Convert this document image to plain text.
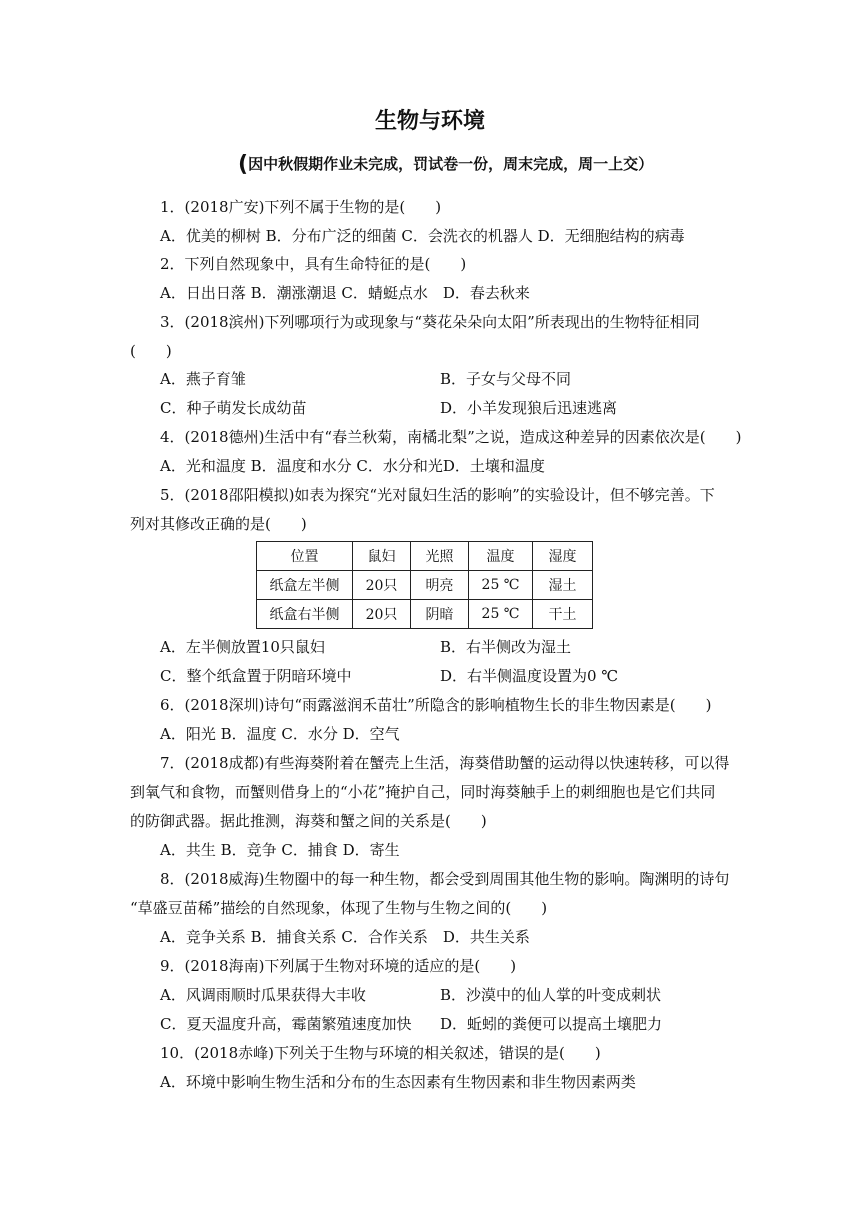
生物与环境
(因中秋假期作业未完成，罚试卷一份，周末完成，周一上交）
1．(2018广安)下列不属于生物的是(　　)
A．优美的柳树 B．分布广泛的细菌 C．会洗衣的机器人 D．无细胞结构的病毒
2．下列自然现象中，具有生命特征的是(　　)
A．日出日落 B．潮涨潮退 C．蜻蜓点水　D．春去秋来
3．(2018滨州)下列哪项行为或现象与“葵花朵朵向太阳”所表现出的生物特征相同
(　　)
A．燕子育雏	B．子女与父母不同
C．种子萌发长成幼苗	D．小羊发现狼后迅速逃离
4．(2018德州)生活中有“春兰秋菊，南橘北梨”之说，造成这种差异的因素依次是(　　)
A．光和温度 B．温度和水分 C．水分和光D．土壤和温度
5．(2018邵阳模拟)如表为探究“光对鼠妇生活的影响”的实验设计，但不够完善。下
列对其修改正确的是(　　)
位置	鼠妇	光照	温度	湿度
纸盒左半侧	20只	明亮	25 ℃	湿土
纸盒右半侧	20只	阴暗	25 ℃	干土
A．左半侧放置10只鼠妇	B．右半侧改为湿土
C．整个纸盒置于阴暗环境中	D．右半侧温度设置为0 ℃
6．(2018深圳)诗句“雨露滋润禾苗壮”所隐含的影响植物生长的非生物因素是(　　)
A．阳光 B．温度 C．水分 D．空气
7．(2018成都)有些海葵附着在蟹壳上生活，海葵借助蟹的运动得以快速转移，可以得
到氧气和食物，而蟹则借身上的“小花”掩护自己，同时海葵触手上的刺细胞也是它们共同
的防御武器。据此推测，海葵和蟹之间的关系是(　　)
A．共生 B．竞争 C．捕食 D．寄生
8．(2018威海)生物圈中的每一种生物，都会受到周围其他生物的影响。陶渊明的诗句
“草盛豆苗稀”描绘的自然现象，体现了生物与生物之间的(　　)
A．竞争关系 B．捕食关系 C．合作关系　D．共生关系
9．(2018海南)下列属于生物对环境的适应的是(　　)
A．风调雨顺时瓜果获得大丰收	B．沙漠中的仙人掌的叶变成刺状
C．夏天温度升高，霉菌繁殖速度加快 D．蚯蚓的粪便可以提高土壤肥力
10．(2018赤峰)下列关于生物与环境的相关叙述，错误的是(　　)
A．环境中影响生物生活和分布的生态因素有生物因素和非生物因素两类
